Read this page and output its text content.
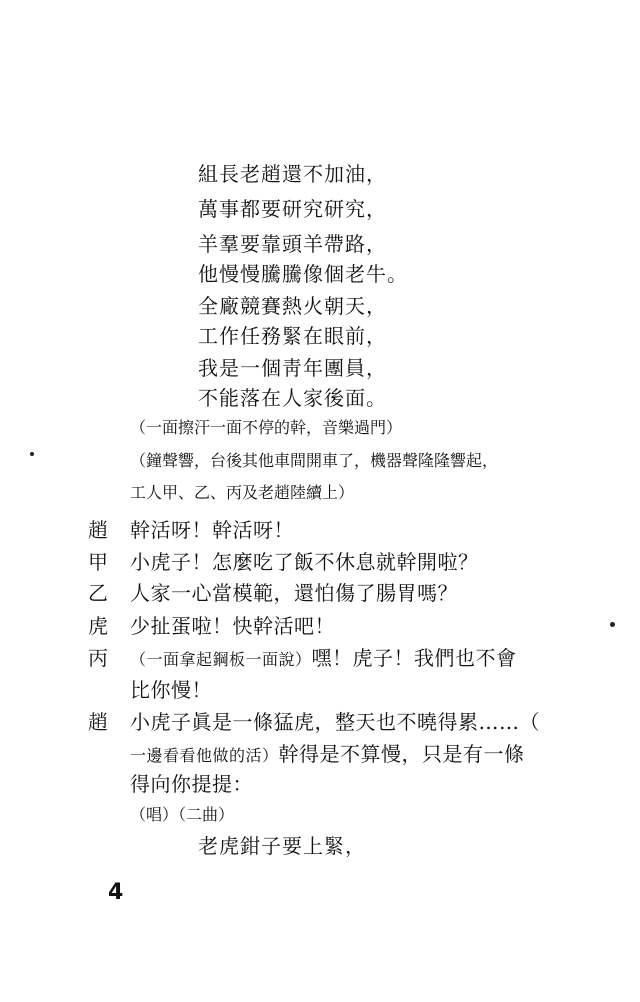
組長老趙還不加油，
萬事都要研究研究，
羊羣要靠頭羊帶路，
他慢慢騰騰像個老牛。
全廠競賽熱火朝天，
工作任務緊在眼前，
我是一個靑年團員，
不能落在人家後面。
（一面擦汗一面不停的幹，音樂過門）
（鐘聲響，台後其他車間開車了，機器聲隆隆響起，
工人甲、乙、丙及老趙陸續上）
趙 幹活呀！幹活呀！
甲 小虎子！怎麼吃了飯不休息就幹開啦？
乙 人家一心當模範，還怕傷了腸胃嗎？
虎 少扯蛋啦！快幹活吧！
丙 （一面拿起鋼板一面說）嘿！虎子！我們也不會
比你慢！
趙 小虎子眞是一條猛虎，整天也不曉得累……（
一邊看看他做的活）幹得是不算慢，只是有一條
得向你提提：
（唱）（二曲）
老虎鉗子要上緊，
4
